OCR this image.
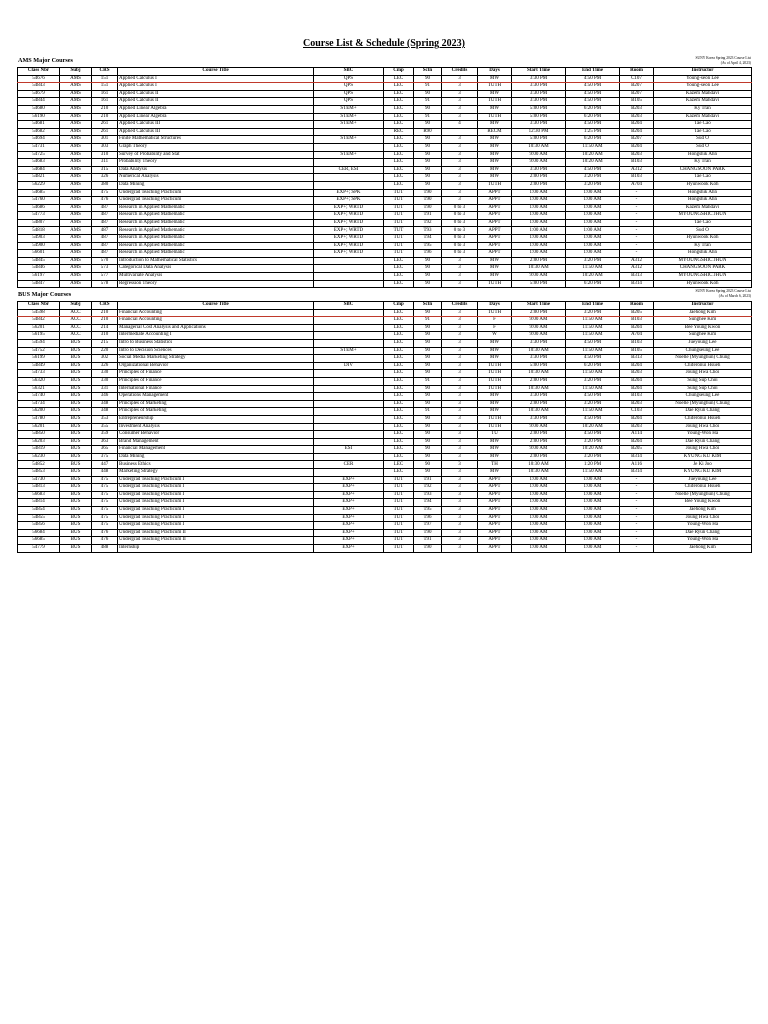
Course List & Schedule (Spring 2023)
SUNY Korea Spring 2023 Course List
(As of April 4, 2023)
AMS Major Courses
Class Nbr	Subj	CRS	Course Title	SBC	Cmp	Sctn	Credits	Days	Start Time	End Time	Room	Instructor
54676	AMS	151	Applied Calculus I	QPS	LEC	90	3	MW	3:30 PM	4:50 PM	C107	Young-seon Lee
54843	AMS	151	Applied Calculus I	QPS	LEC	91	3	TUTH	3:30 PM	4:50 PM	B207	Young-seon Lee
54679	AMS	161	Applied Calculus II	QPS	LEC	90	3	MW	3:30 PM	4:50 PM	B207	Kazem Mahdavi
54844	AMS	161	Applied Calculus II	QPS	LEC	91	3	TUTH	3:30 PM	4:50 PM	B105	Kazem Mahdavi
54680	AMS	210	Applied Linear Algebra	STEM+	LEC	90	3	MW	5:00 PM	6:20 PM	B203	Ky Tran
56190	AMS	210	Applied Linear Algebra	STEM+	LEC	91	3	TUTH	5:00 PM	6:20 PM	B203	Kazem Mahdavi
54681	AMS	261	Applied Calculus III	STEM+	LEC	90	4	MW	3:30 PM	4:50 PM	B204	Tae Cao
54682	AMS	261	Applied Calculus III		REC	R90		RECM	12:30 PM	1:25 PM	B204	Tae Cao
54694	AMS	301	Finite Mathematical Structures	STEM+	LEC	90	3	MW	5:00 PM	6:20 PM	B207	Sud O
54731	AMS	303	Graph Theory		LEC	90	3	MW	10:30 AM	11:50 AM	B204	Sud O
54725	AMS	310	Survey of Probability and Stat	STEM+	LEC	90	3	MW	9:00 AM	10:20 AM	B203	Hongshik Ahn
54683	AMS	311	Probability Theory		LEC	90	3	MW	9:00 AM	10:20 AM	B103	Ky Tran
54684	AMS	315	Data Analysis	CER, ESI	LEC	90	3	MW	3:30 PM	4:50 PM	A312	CHANGSOON PARK
54821	AMS	326	Numerical Analysis		LEC	90	3	MW	2:00 PM	3:20 PM	B103	Tae Cao
56229	AMS	380	Data Mining		LEC	90	3	TUTH	2:00 PM	3:20 PM	A704	Hyunwook Koh
54685	AMS	475	Undergrad Teaching Practicum	EXP+; SPK	TUT	T90	3	APPT	1:00 AM	1:00 AM	-	Hongshik Ahn
54760	AMS	476	Undergrad Teaching Practicum	EXP+; SPK	TUT	T90	3	APPT	1:00 AM	1:00 AM	-	Hongshik Ahn
54686	AMS	487	Research in Applied Mathematic	EXP+; WRTD	TUT	T90	0 to 3	APPT	1:00 AM	1:00 AM	-	Kazem Mahdavi
54773	AMS	487	Research in Applied Mathematic	EXP+; WRTD	TUT	T91	0 to 3	APPT	1:00 AM	1:00 AM	-	MYOUNGSHIC JHUN
54807	AMS	487	Research in Applied Mathematic	EXP+; WRTD	TUT	T92	0 to 3	APPT	1:00 AM	1:00 AM	-	Tae Cao
54818	AMS	487	Research in Applied Mathematic	EXP+; WRTD	TUT	T93	0 to 3	APPT	1:00 AM	1:00 AM	-	Sud O
54903	AMS	487	Research in Applied Mathematic	EXP+; WRTD	TUT	T94	0 to 3	APPT	1:00 AM	1:00 AM	-	Hyunwook Koh
54900	AMS	487	Research in Applied Mathematic	EXP+; WRTD	TUT	T95	0 to 3	APPT	1:00 AM	1:00 AM	-	Ky Tran
56601	AMS	487	Research in Applied Mathematic	EXP+; WRTD	TUT	T96	0 to 3	APPT	1:00 AM	1:00 AM	-	Hongshik Ahn
54845	AMS	570	Introduction to Mathematical Statistics		LEC	90	3	MW	2:00 PM	3:20 PM	A312	MYOUNGSHIC JHUN
54846	AMS	573	Categorical Data Analysis		LEC	90	3	MW	10:30 AM	11:50 AM	A312	CHANGSOON PARK
56197	AMS	577	Multivariate Analysis		LEC	90	3	MW	9:00 AM	10:20 AM	B313	MYOUNGSHIC JHUN
54847	AMS	578	Regression Theory		LEC	90	3	TUTH	5:00 PM	6:20 PM	B314	Hyunwook Koh
SUNY Korea Spring 2023 Course List
(As of March 6, 2023)
BUS Major Courses
Class Nbr	Subj	CRS	Course Title	SBC	Cmp	Sctn	Credits	Days	Start Time	End Time	Room	Instructor
54598	ACC	210	Financial Accounting		LEC	90	3	TUTH	2:00 PM	3:20 PM	B205	Jaehong Kim
54842	ACC	210	Financial Accounting		LEC	91	3	F	9:00 AM	11:50 AM	B103	Sunghee Kim
56201	ACC	214	Managerial Cost Analysis and Applications		LEC	90	3	F	9:00 AM	11:50 AM	B204	Bee Young Kwon
56195	ACC	310	Intermediate Accounting I		LEC	90	3	W	9:00 AM	11:50 AM	A704	Sunghee Kim
54594	BUS	215	Intro to Business Statistics		LEC	90	3	MW	3:30 PM	4:50 PM	B103	Jueyoung Lee
54752	BUS	220	Intro to Decision Sciences	STEM+	LEC	90	3	MW	10:30 AM	11:50 AM	B105	Chungseung Lee
56199	BUS	302	Social Media Marketing Strategy		LEC	90	3	MW	3:30 PM	4:50 PM	B313	Noelle (Myunghun) Chung
54849	BUS	326	Organizational Behavior	DIV	LEC	90	3	TUTH	5:00 PM	6:20 PM	B204	Chiferonui Hsueh
54733	BUS	330	Principles of Finance		LEC	90	3	TUTH	10:30 AM	11:50 AM	B203	Joung Hwa Choi
56320	BUS	330	Principles of Finance		LEC	91	3	TUTH	2:00 PM	3:20 PM	B204	Sung Sup Choi
56321	BUS	331	International Finance		LEC	90	3	TUTH	10:30 AM	11:50 AM	B204	Sung Sup Choi
54740	BUS	346	Operations Management		LEC	90	3	MW	3:30 PM	4:50 PM	B103	Chungseung Lee
54734	BUS	348	Principles of Marketing		LEC	90	3	MW	2:00 PM	3:20 PM	B203	Noelle (Myunghun) Chung
56200	BUS	348	Principles of Marketing		LEC	91	3	MW	10:30 AM	11:50 AM	C103	Dae Ryun Chang
54780	BUS	353	Entrepreneurship		LEC	90	3	TUTH	3:30 PM	4:50 PM	B204	Chiferonui Hsueh
56201	BUS	355	Investment Analysis		LEC	90	3	TUTH	9:00 AM	10:20 AM	B203	Joung Hwa Choi
54850	BUS	359	Consumer Behavior		LEC	90	3	TU	2:00 PM	4:50 PM	A114	Young-Won Ha
56203	BUS	363	Brand Management		LEC	90	3	MW	2:00 PM	3:20 PM	B204	Dae Ryun Chang
54819	BUS	365	Financial Management	ESI	LEC	90	3	MW	9:00 AM	10:20 AM	B205	Joung Hwa Choi
56230	BUS	375	Data Mining		LEC	90	3	MW	2:00 PM	3:20 PM	B314	KYUNG KU KIM
54852	BUS	447	Business Ethics	CER	LEC	90	3	TH	10:30 AM	1:20 PM	A116	Je Ki Joo
54853	BUS	448	Marketing Strategy		LEC	90	3	MW	10:30 AM	11:50 AM	B314	KYUNG KU KIM
54730	BUS	475	Undergrad Teaching Practicum I	EXP+	TUT	T91	3	APPT	1:00 AM	1:00 AM	-	Jueyoung Lee
54813	BUS	475	Undergrad Teaching Practicum I	EXP+	TUT	T92	3	APPT	1:00 AM	1:00 AM	-	Chiferonui Hsueh
56683	BUS	475	Undergrad Teaching Practicum I	EXP+	TUT	T93	3	APPT	1:00 AM	1:00 AM	-	Noelle (Myunghun) Chung
54814	BUS	475	Undergrad Teaching Practicum I	EXP+	TUT	T94	3	APPT	1:00 AM	1:00 AM	-	Bee Young Kwon
54854	BUS	475	Undergrad Teaching Practicum I	EXP+	TUT	T95	3	APPT	1:00 AM	1:00 AM	-	Jaehong Kim
54855	BUS	475	Undergrad Teaching Practicum I	EXP+	TUT	T96	3	APPT	1:00 AM	1:00 AM	-	Joung Hwa Choi
54856	BUS	475	Undergrad Teaching Practicum I	EXP+	TUT	T97	3	APPT	1:00 AM	1:00 AM	-	Young-Won Ha
56684	BUS	476	Undergrad Teaching Practicum II	EXP+	TUT	T90	3	APPT	1:00 AM	1:00 AM	-	Dae Ryun Chang
56685	BUS	476	Undergrad Teaching Practicum II	EXP+	TUT	T91	3	APPT	1:00 AM	1:00 AM	-	Young-Won Ha
54779	BUS	488	Internship	EXP+	TUT	T90	3	APPT	1:00 AM	1:00 AM	-	Jaehong Kim
